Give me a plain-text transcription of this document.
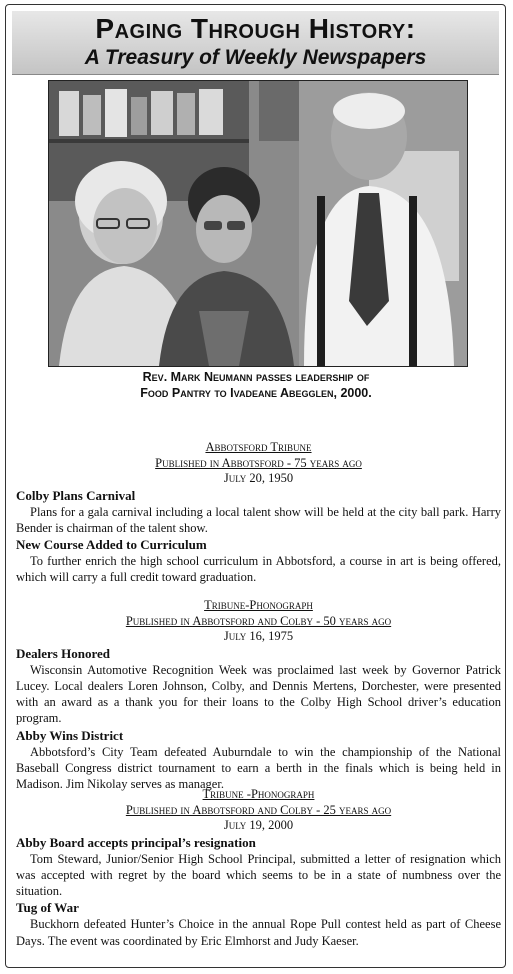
Paging Through History:
A Treasury of Weekly Newspapers
Rev. Mark Neumann passes leadership of
Food Pantry to Ivadeane Abegglen, 2000.
Abbotsford Tribune
Published in Abbotsford - 75 years ago
July 20, 1950
Colby Plans Carnival

Plans for a gala carnival including a local talent show will be held at the city ball park. Harry Bender is chairman of the talent show.

New Course Added to Curriculum

To further enrich the high school curriculum in Abbotsford, a course in art is being offered, which will carry a full credit toward graduation.

Tribune-Phonograph
Published in Abbotsford and Colby - 50 years ago
July 16, 1975
Dealers Honored

Wisconsin Automotive Recognition Week was proclaimed last week by Governor Patrick Lucey. Local dealers Loren Johnson, Colby, and Dennis Mertens, Dorchester, were presented with an award as a thank you for their loans to the Colby High School driver’s education program.

Abby Wins District

Abbotsford’s City Team defeated Auburndale to win the championship of the National Baseball Congress district tournament to earn a berth in the finals which is being held in Madison. Jim Nikolay serves as manager.

Tribune -Phonograph
Published in Abbotsford and Colby - 25 years ago
July 19, 2000
Abby Board accepts principal’s resignation

Tom Steward, Junior/Senior High School Principal, submitted a letter of resignation which was accepted with regret by the board which seems to be in a state of numbness over the situation.

Tug of War

Buckhorn defeated Hunter’s Choice in the annual Rope Pull contest held as part of Cheese Days. The event was coordinated by Eric Elmhorst and Judy Kaeser.
